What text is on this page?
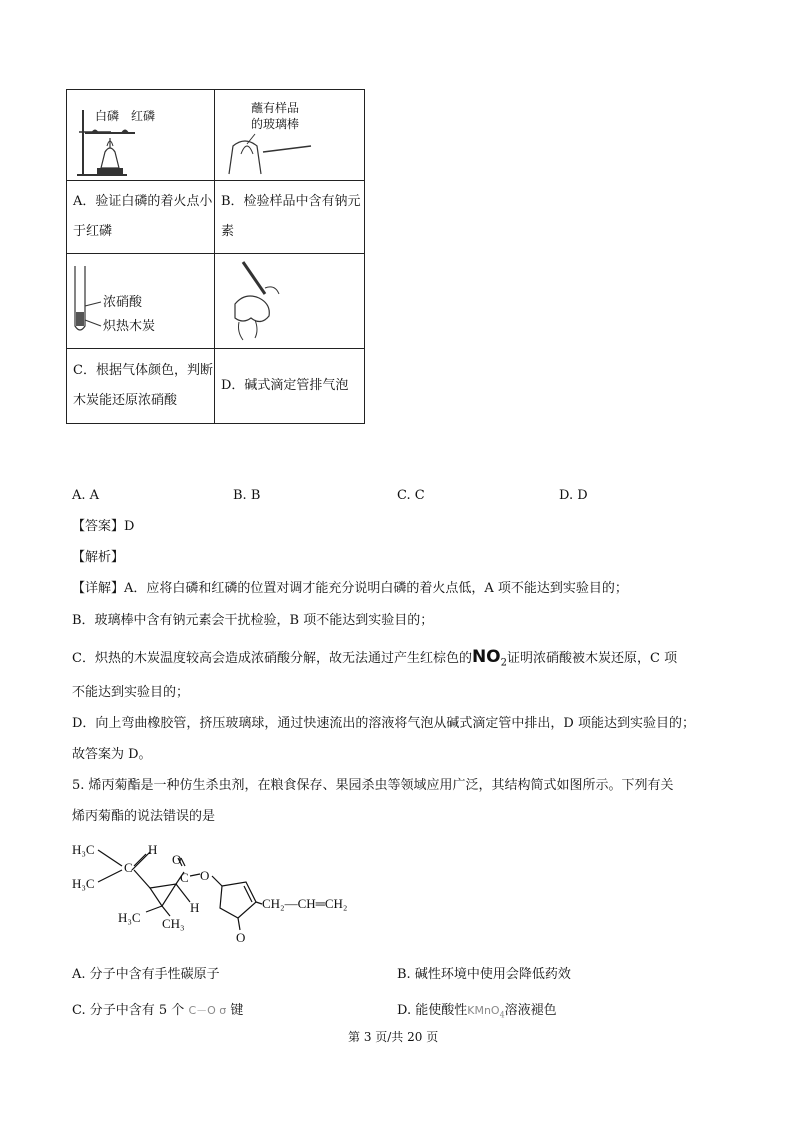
白磷 红磷	蘸有样品
的玻璃棒

A．验证白磷的着火点小于红磷	B．检验样品中含有钠元素

浓硝酸
炽热木炭

C．根据气体颜色，判断木炭能还原浓硝酸	D．碱式滴定管排气泡
A. A	B. B	C. C	D. D
【答案】D
【解析】
【详解】A．应将白磷和红磷的位置对调才能充分说明白磷的着火点低，A 项不能达到实验目的；
B．玻璃棒中含有钠元素会干扰检验，B 项不能达到实验目的；
C．炽热的木炭温度较高会造成浓硝酸分解，故无法通过产生红棕色的$NO_2$证明浓硝酸被木炭还原，C 项
不能达到实验目的；
D．向上弯曲橡胶管，挤压玻璃球，通过快速流出的溶液将气泡从碱式滴定管中排出，D 项能达到实验目的；
故答案为 D。
5. 烯丙菊酯是一种仿生杀虫剂，在粮食保存、果园杀虫等领域应用广泛，其结构简式如图所示。下列有关
烯丙菊酯的说法错误的是
H₃C
H₃C
C
H
O
C O
H
H₃C CH₃
CH₂—CH═CH₂
O
A. 分子中含有手性碳原子	B. 碱性环境中使用会降低药效
C. 分子中含有 5 个 C－O σ 键	D. 能使酸性KMnO$_4$溶液褪色
第 3 页/共 20 页
